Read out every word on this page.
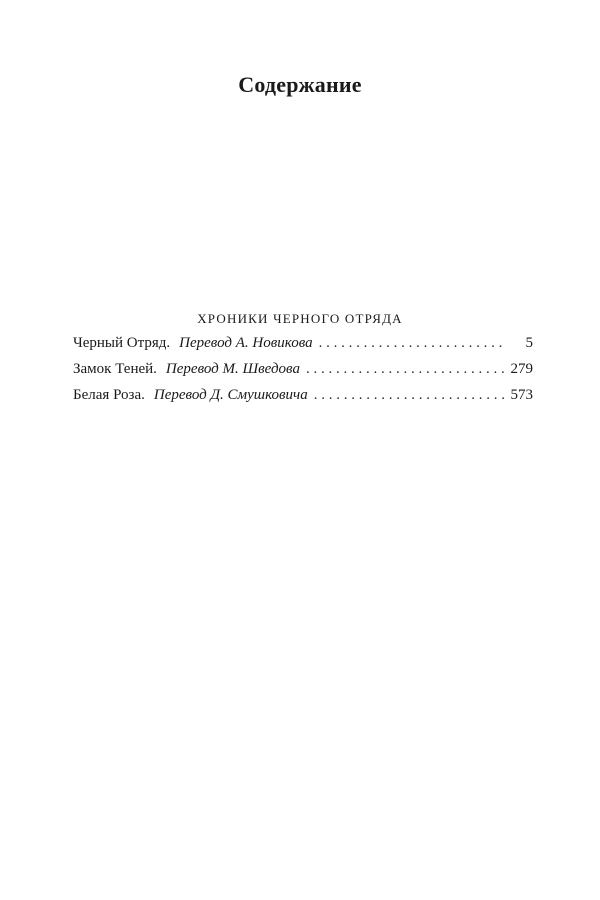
Содержание
ХРОНИКИ ЧЕРНОГО ОТРЯДА
Черный Отряд. Перевод А. Новикова . . .	5
Замок Теней. Перевод М. Шведова . . .	279
Белая Роза. Перевод Д. Смушковича . . .	573
